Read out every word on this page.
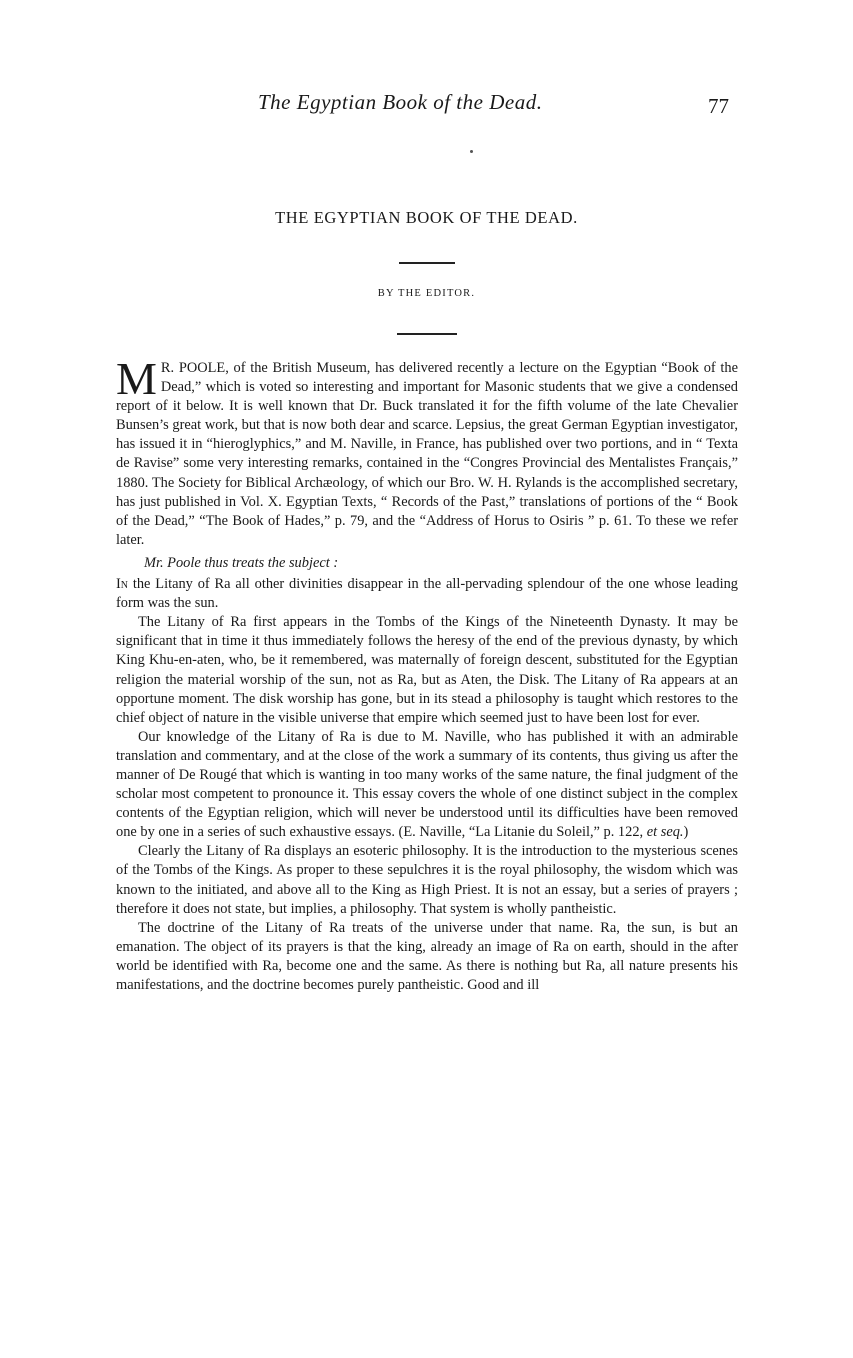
The Egyptian Book of the Dead.	77
THE EGYPTIAN BOOK OF THE DEAD.
BY THE EDITOR.

M R. POOLE, of the British Museum, has delivered recently a lecture on the Egyptian “Book of the Dead,” which is voted so interesting and important for Masonic students that we give a condensed report of it below. It is well known that Dr. Buck translated it for the fifth volume of the late Chevalier Bunsen’s great work, but that is now both dear and scarce. Lepsius, the great German Egyptian investigator, has issued it in “hieroglyphics,” and M. Naville, in France, has published over two portions, and in “ Texta de Ravise” some very interesting remarks, contained in the “Congres Provincial des Mentalistes Français,” 1880. The Society for Biblical Archæology, of which our Bro. W. H. Rylands is the accomplished secretary, has just published in Vol. X. Egyptian Texts, “ Records of the Past,” translations of portions of the “ Book of the Dead,” “The Book of Hades,” p. 79, and the “Address of Horus to Osiris ” p. 61. To these we refer later.

Mr. Poole thus treats the subject :

In the Litany of Ra all other divinities disappear in the all-pervading splendour of the one whose leading form was the sun.

The Litany of Ra first appears in the Tombs of the Kings of the Nineteenth Dynasty. It may be significant that in time it thus immediately follows the heresy of the end of the previous dynasty, by which King Khu-en-aten, who, be it remembered, was maternally of foreign descent, substituted for the Egyptian religion the material worship of the sun, not as Ra, but as Aten, the Disk. The Litany of Ra appears at an opportune moment. The disk worship has gone, but in its stead a philosophy is taught which restores to the chief object of nature in the visible universe that empire which seemed just to have been lost for ever.

Our knowledge of the Litany of Ra is due to M. Naville, who has published it with an admirable translation and commentary, and at the close of the work a summary of its contents, thus giving us after the manner of De Rougé that which is wanting in too many works of the same nature, the final judgment of the scholar most competent to pronounce it. This essay covers the whole of one distinct subject in the complex contents of the Egyptian religion, which will never be understood until its difficulties have been removed one by one in a series of such exhaustive essays. (E. Naville, “La Litanie du Soleil,” p. 122, et seq.)

Clearly the Litany of Ra displays an esoteric philosophy. It is the introduction to the mysterious scenes of the Tombs of the Kings. As proper to these sepulchres it is the royal philosophy, the wisdom which was known to the initiated, and above all to the King as High Priest. It is not an essay, but a series of prayers ; therefore it does not state, but implies, a philosophy. That system is wholly pantheistic.

The doctrine of the Litany of Ra treats of the universe under that name. Ra, the sun, is but an emanation. The object of its prayers is that the king, already an image of Ra on earth, should in the after world be identified with Ra, become one and the same. As there is nothing but Ra, all nature presents his manifestations, and the doctrine becomes purely pantheistic. Good and ill
